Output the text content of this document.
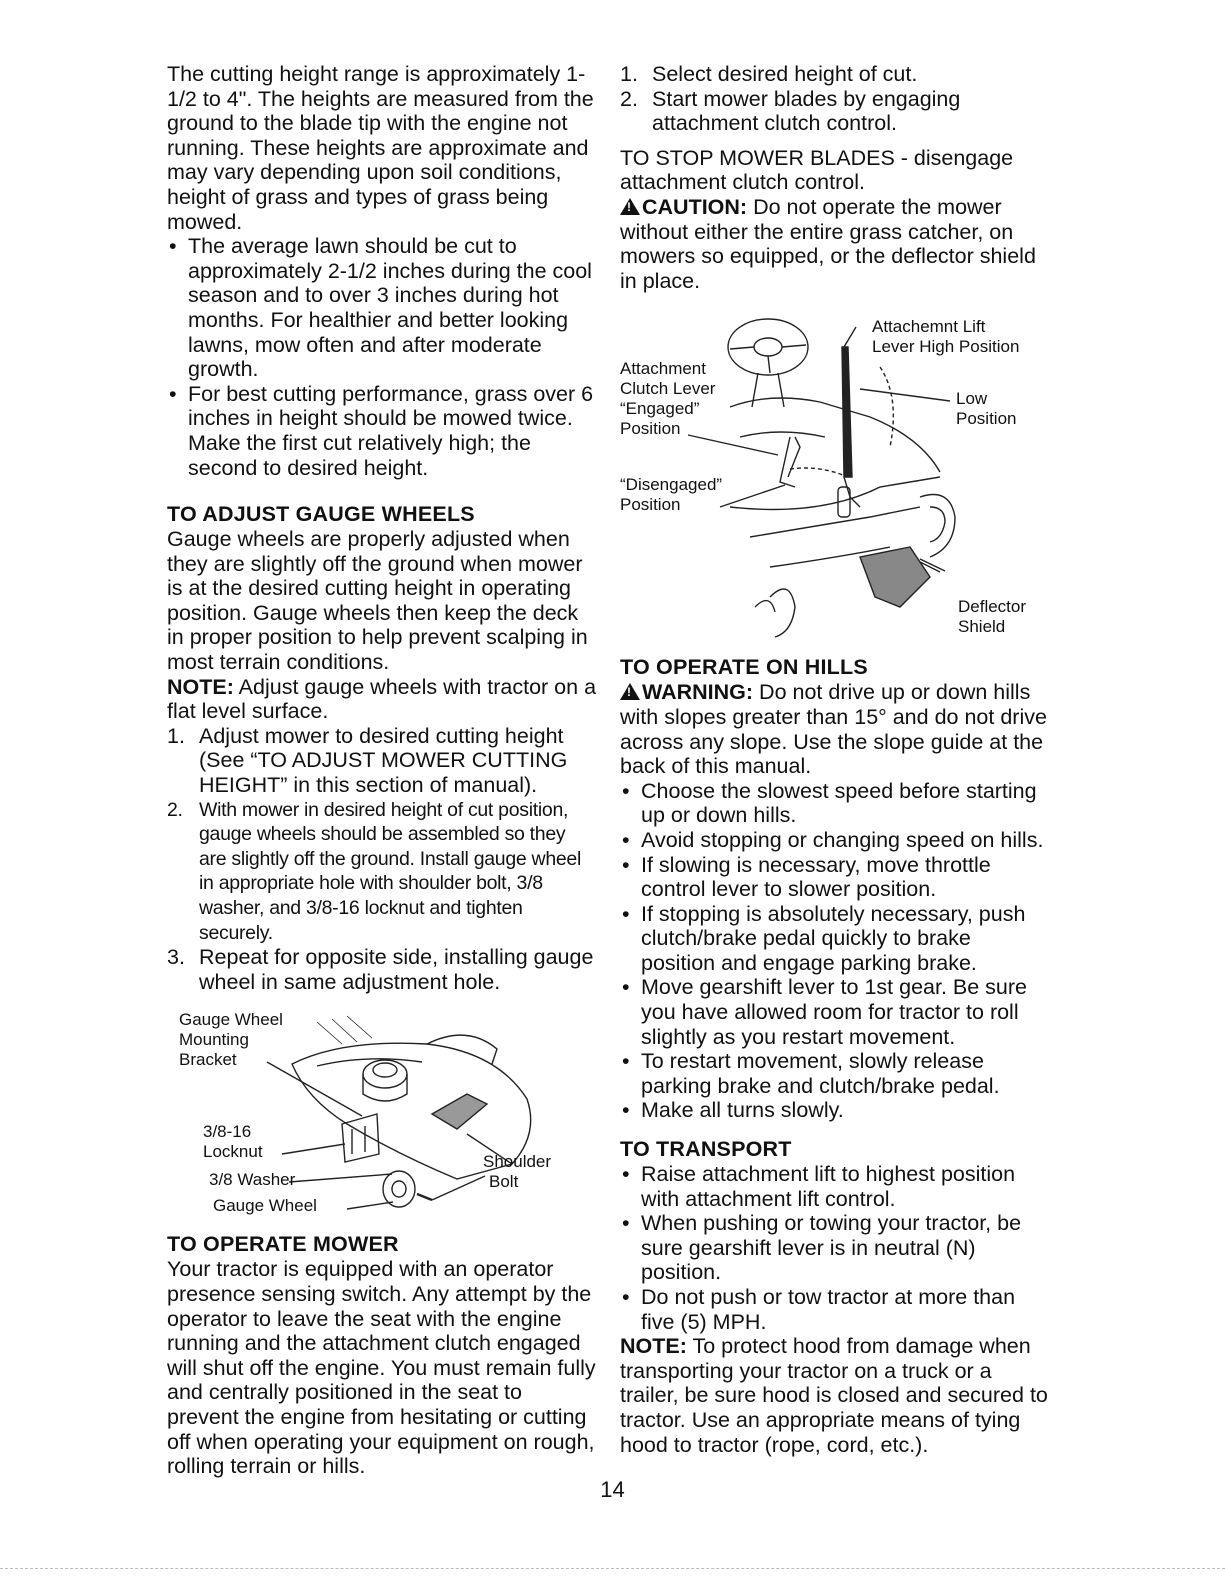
The cutting height range is approximately 1-1/2 to 4". The heights are measured from the ground to the blade tip with the engine not running. These heights are approximate and may vary depending upon soil conditions, height of grass and types of grass being mowed.

• The average lawn should be cut to approximately 2-1/2 inches during the cool season and to over 3 inches during hot months. For healthier and better looking lawns, mow often and after moderate growth.
• For best cutting performance, grass over 6 inches in height should be mowed twice. Make the first cut relatively high; the second to desired height.
TO ADJUST GAUGE WHEELS

Gauge wheels are properly adjusted when they are slightly off the ground when mower is at the desired cutting height in operating position. Gauge wheels then keep the deck in proper position to help prevent scalping in most terrain conditions.

NOTE: Adjust gauge wheels with tractor on a flat level surface.

1. Adjust mower to desired cutting height (See “TO ADJUST MOWER CUTTING HEIGHT” in this section of manual).
2. With mower in desired height of cut position, gauge wheels should be assembled so they are slightly off the ground. Install gauge wheel in appropriate hole with shoulder bolt, 3/8 washer, and 3/8-16 locknut and tighten securely.
3. Repeat for opposite side, installing gauge wheel in same adjustment hole.
Gauge Wheel
Mounting
Bracket
3/8-16
Locknut
3/8 Washer
Gauge Wheel
Shoulder
Bolt
TO OPERATE MOWER

Your tractor is equipped with an operator presence sensing switch. Any attempt by the operator to leave the seat with the engine running and the attachment clutch engaged will shut off the engine. You must remain fully and centrally positioned in the seat to prevent the engine from hesitating or cutting off when operating your equipment on rough, rolling terrain or hills.

1. Select desired height of cut.
2. Start mower blades by engaging attachment clutch control.

TO STOP MOWER BLADES - disengage attachment clutch control.

!CAUTION: Do not operate the mower without either the entire grass catcher, on mowers so equipped, or the deflector shield in place.

Attachemnt Lift
Lever High Position
Attachment
Clutch Lever
“Engaged”
Position
Low
Position
“Disengaged”
Position
Deflector
Shield
TO OPERATE ON HILLS

!WARNING: Do not drive up or down hills with slopes greater than 15° and do not drive across any slope. Use the slope guide at the back of this manual.

• Choose the slowest speed before starting up or down hills.
• Avoid stopping or changing speed on hills.
• If slowing is necessary, move throttle control lever to slower position.
• If stopping is absolutely necessary, push clutch/brake pedal quickly to brake position and engage parking brake.
• Move gearshift lever to 1st gear. Be sure you have allowed room for tractor to roll slightly as you restart movement.
• To restart movement, slowly release parking brake and clutch/brake pedal.
• Make all turns slowly.
TO TRANSPORT
• Raise attachment lift to highest position with attachment lift control.
• When pushing or towing your tractor, be sure gearshift lever is in neutral (N) position.
• Do not push or tow tractor at more than five (5) MPH.

NOTE: To protect hood from damage when transporting your tractor on a truck or a trailer, be sure hood is closed and secured to tractor. Use an appropriate means of tying hood to tractor (rope, cord, etc.).

14
